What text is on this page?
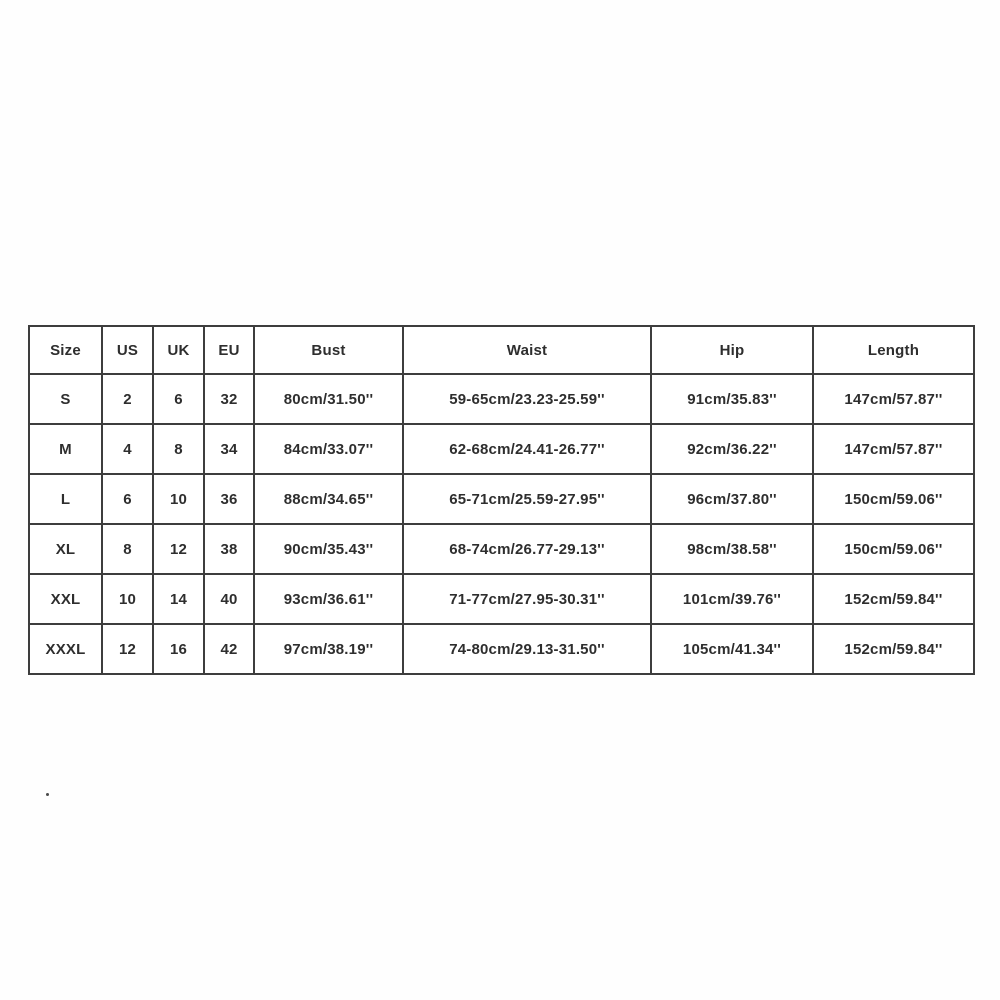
Size	US	UK	EU	Bust	Waist	Hip	Length
S	2	6	32	80cm/31.50''	59-65cm/23.23-25.59''	91cm/35.83''	147cm/57.87''
M	4	8	34	84cm/33.07''	62-68cm/24.41-26.77''	92cm/36.22''	147cm/57.87''
L	6	10	36	88cm/34.65''	65-71cm/25.59-27.95''	96cm/37.80''	150cm/59.06''
XL	8	12	38	90cm/35.43''	68-74cm/26.77-29.13''	98cm/38.58''	150cm/59.06''
XXL	10	14	40	93cm/36.61''	71-77cm/27.95-30.31''	101cm/39.76''	152cm/59.84''
XXXL	12	16	42	97cm/38.19''	74-80cm/29.13-31.50''	105cm/41.34''	152cm/59.84''
